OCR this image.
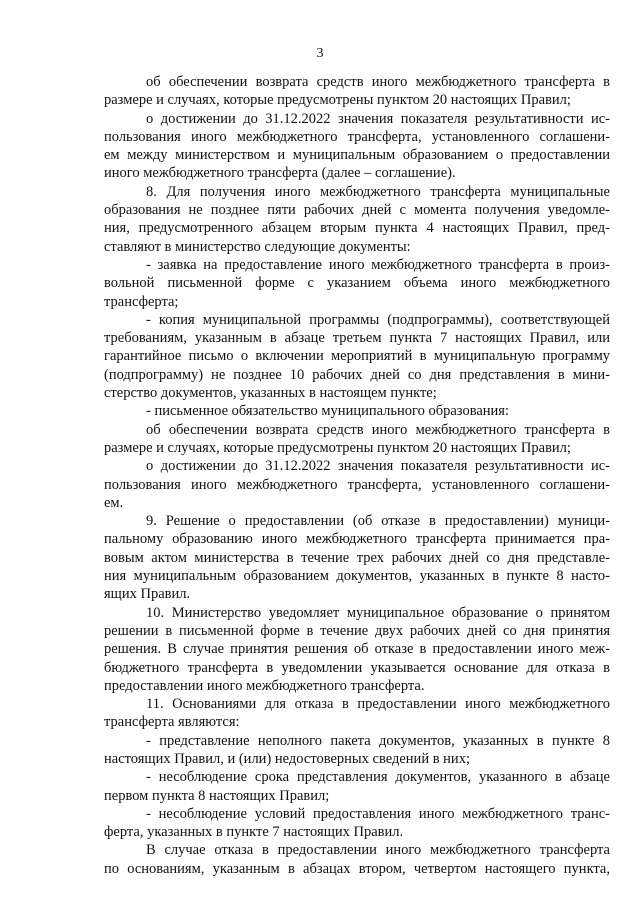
3
об обеспечении возврата средств иного межбюджетного трансферта в
размере и случаях, которые предусмотрены пунктом 20 настоящих Правил;
о достижении до 31.12.2022 значения показателя результативности ис-
пользования иного межбюджетного трансферта, установленного соглашени-
ем между министерством и муниципальным образованием о предоставлении
иного межбюджетного трансферта (далее – соглашение).
8. Для получения иного межбюджетного трансферта муниципальные
образования не позднее пяти рабочих дней с момента получения уведомле-
ния, предусмотренного абзацем вторым пункта 4 настоящих Правил, пред-
ставляют в министерство следующие документы:
- заявка на предоставление иного межбюджетного трансферта в произ-
вольной письменной форме с указанием объема иного межбюджетного
трансферта;
- копия муниципальной программы (подпрограммы), соответствующей
требованиям, указанным в абзаце третьем пункта 7 настоящих Правил, или
гарантийное письмо о включении мероприятий в муниципальную программу
(подпрограмму) не позднее 10 рабочих дней со дня представления в мини-
стерство документов, указанных в настоящем пункте;
- письменное обязательство муниципального образования:
об обеспечении возврата средств иного межбюджетного трансферта в
размере и случаях, которые предусмотрены пунктом 20 настоящих Правил;
о достижении до 31.12.2022 значения показателя результативности ис-
пользования иного межбюджетного трансферта, установленного соглашени-
ем.
9. Решение о предоставлении (об отказе в предоставлении) муници-
пальному образованию иного межбюджетного трансферта принимается пра-
вовым актом министерства в течение трех рабочих дней со дня представле-
ния муниципальным образованием документов, указанных в пункте 8 насто-
ящих Правил.
10. Министерство уведомляет муниципальное образование о принятом
решении в письменной форме в течение двух рабочих дней со дня принятия
решения. В случае принятия решения об отказе в предоставлении иного меж-
бюджетного трансферта в уведомлении указывается основание для отказа в
предоставлении иного межбюджетного трансферта.
11. Основаниями для отказа в предоставлении иного межбюджетного
трансферта являются:
- представление неполного пакета документов, указанных в пункте 8
настоящих Правил, и (или) недостоверных сведений в них;
- несоблюдение срока представления документов, указанного в абзаце
первом пункта 8 настоящих Правил;
- несоблюдение условий предоставления иного межбюджетного транс-
ферта, указанных в пункте 7 настоящих Правил.
В случае отказа в предоставлении иного межбюджетного трансферта
по основаниям, указанным в абзацах втором, четвертом настоящего пункта,
